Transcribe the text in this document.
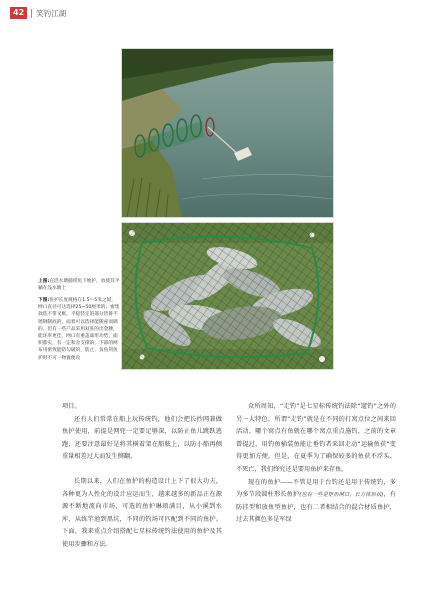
42	笑钓江湖
上图:在活水塘捕捞鱼下地护，放使其平躺在浅水塘上
下图:鱼护长度规格在1.5～5米之间，网口直径可达选择25~50厘米的；密集款选不带叉框，平稳装定的部分皆排不锈钢制底的，面着可以选择能随座而调的。但有一些产品采用双驻的出金腰，能环率更佳，网口有重盖球形功势，面积都实，有一定和舍支撑的，下部的网布用密致能防勾破的，防止、负鱼剑鱼护时不可一物置便攻

项目。

还有人们常常在船上玩传统钓，他们会把长抄网兼做鱼护使用，前提是网兜一定要足够深，以防止鱼儿跳跃逃跑，还要注意最好是将其横着架在船舷上，以防小船再侧重量相差过大而发生侧翻。

长期以来，人们在鱼护的构造设计上下了很大功夫，各种更为人性化的设计应运而生，越来越多的新品正在源源不断地流向市场，可选的鱼护琳琅满目，从小溪到水库，从练竿池到黑坑，不同的钓场可匹配到不同的鱼护。下面，我来重点介绍搭配七星标传统钓法使用的鱼护及其使用步骤和方法。

众所周知，“走钓”是七星标传统钓法除“遛钓”之外的另一大特色，所谓“走钓”就是在不同的打窝点位之间来回活动，哪个窝点有鱼就在哪个窝点重点施钓，之前的文章曾提过，用钓鱼桶装鱼能让垂钓者来回走动“运输鱼获”变得更加方便，但是，在夏季为了确保较多的鱼获不浮头、不死亡，我们终究还是要用鱼护来存鱼。

现在的鱼护——不管是用于台钓还是用于传统钓，多为多节段圆柱形长鱼护(也有一些是矩形网口，长方体形状)，有防挂型和放鱼型鱼护，也有二者相结合的混合材质鱼护，过去其颜色多是军绿
